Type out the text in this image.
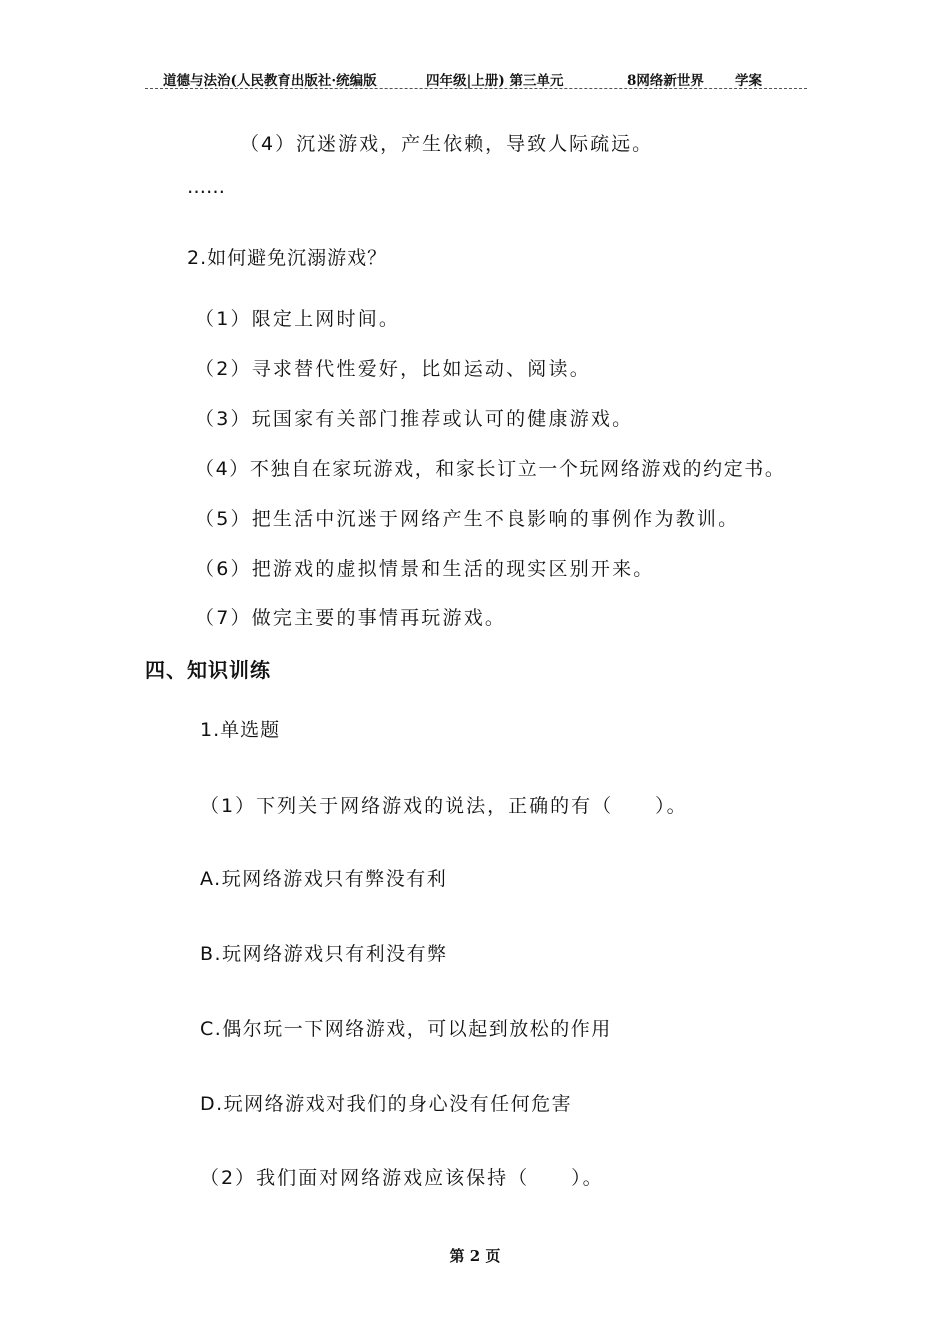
道德与法治(人民教育出版社·统编版	四年级|上册) 第三单元	8网络新世界 学案
（4）沉迷游戏，产生依赖，导致人际疏远。
……
2.如何避免沉溺游戏？
（1）限定上网时间。
（2）寻求替代性爱好，比如运动、阅读。
（3）玩国家有关部门推荐或认可的健康游戏。
（4）不独自在家玩游戏，和家长订立一个玩网络游戏的约定书。
（5）把生活中沉迷于网络产生不良影响的事例作为教训。
（6）把游戏的虚拟情景和生活的现实区别开来。
（7）做完主要的事情再玩游戏。
四、知识训练
1.单选题
（1）下列关于网络游戏的说法，正确的有（　　）。
A.玩网络游戏只有弊没有利
B.玩网络游戏只有利没有弊
C.偶尔玩一下网络游戏，可以起到放松的作用
D.玩网络游戏对我们的身心没有任何危害
（2）我们面对网络游戏应该保持（　　）。
第 2 页
